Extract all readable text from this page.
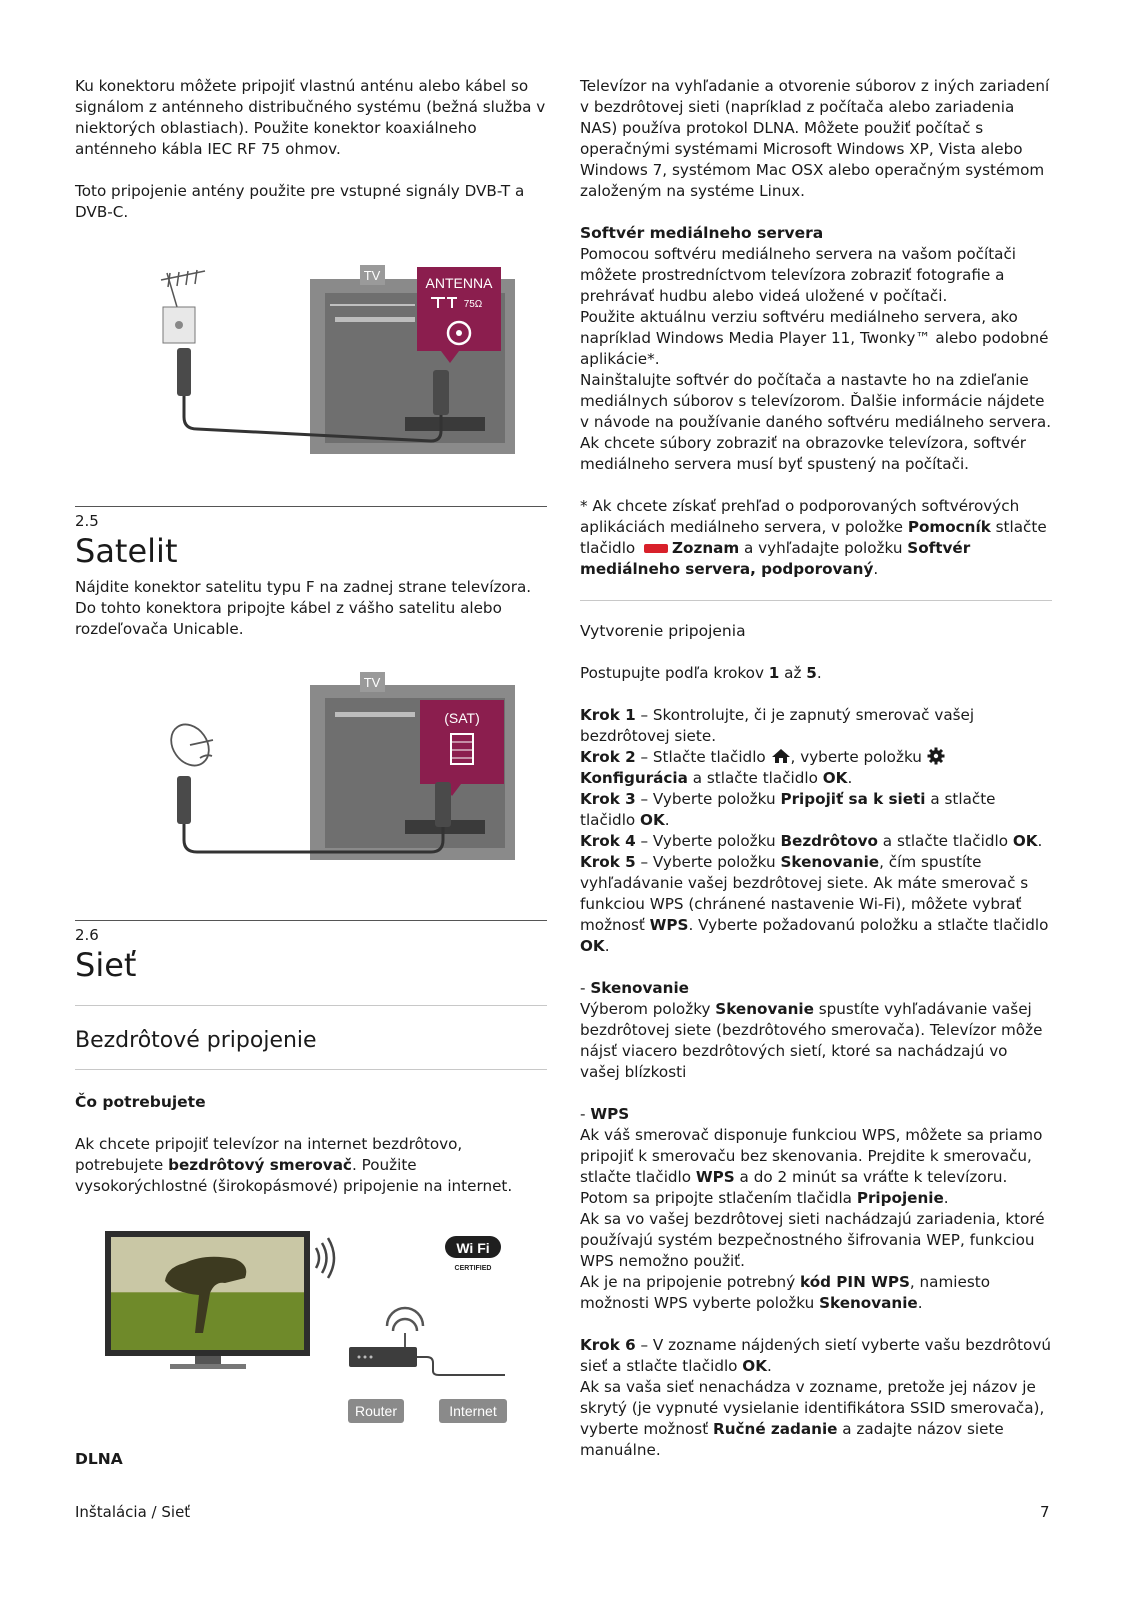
Ku konektoru môžete pripojiť vlastnú anténu alebo kábel so signálom z anténneho distribučného systému (bežná služba v niektorých oblastiach). Použite konektor koaxiálneho anténneho kábla IEC RF 75 ohmov.

Toto pripojenie antény použite pre vstupné signály DVB-T a DVB-C.

TV	ANTENNA
75Ω
2.5
Satelit

Nájdite konektor satelitu typu F na zadnej strane televízora. Do tohto konektora pripojte kábel z vášho satelitu alebo rozdeľovača Unicable.

TV
(SAT)
2.6
Sieť
Bezdrôtové pripojenie

Čo potrebujete

Ak chcete pripojiť televízor na internet bezdrôtovo, potrebujete bezdrôtový smerovač. Použite vysokorýchlostné (širokopásmové) pripojenie na internet.

Wi Fi
CERTIFIED
Router	Internet

DLNA

Televízor na vyhľadanie a otvorenie súborov z iných zariadení v bezdrôtovej sieti (napríklad z počítača alebo zariadenia NAS) používa protokol DLNA. Môžete použiť počítač s operačnými systémami Microsoft Windows XP, Vista alebo Windows 7, systémom Mac OSX alebo operačným systémom založeným na systéme Linux.

Softvér mediálneho servera

Pomocou softvéru mediálneho servera na vašom počítači môžete prostredníctvom televízora zobraziť fotografie a prehrávať hudbu alebo videá uložené v počítači.

Použite aktuálnu verziu softvéru mediálneho servera, ako napríklad Windows Media Player 11, Twonky™ alebo podobné aplikácie*.

Nainštalujte softvér do počítača a nastavte ho na zdieľanie mediálnych súborov s televízorom. Ďalšie informácie nájdete v návode na používanie daného softvéru mediálneho servera.

Ak chcete súbory zobraziť na obrazovke televízora, softvér mediálneho servera musí byť spustený na počítači.

* Ak chcete získať prehľad o podporovaných softvérových aplikáciách mediálneho servera, v položke Pomocník stlačte tlačidlo Zoznam a vyhľadajte položku Softvér mediálneho servera, podporovaný.

Vytvorenie pripojenia

Postupujte podľa krokov 1 až 5.

Krok 1 – Skontrolujte, či je zapnutý smerovač vašej bezdrôtovej siete.

Krok 2 – Stlačte tlačidlo , vyberte položku  Konfigurácia a stlačte tlačidlo OK.

Krok 3 – Vyberte položku Pripojiť sa k sieti a stlačte tlačidlo OK.

Krok 4 – Vyberte položku Bezdrôtovo a stlačte tlačidlo OK.

Krok 5 – Vyberte položku Skenovanie, čím spustíte vyhľadávanie vašej bezdrôtovej siete. Ak máte smerovač s funkciou WPS (chránené nastavenie Wi-Fi), môžete vybrať možnosť WPS. Vyberte požadovanú položku a stlačte tlačidlo OK.

- Skenovanie

Výberom položky Skenovanie spustíte vyhľadávanie vašej bezdrôtovej siete (bezdrôtového smerovača). Televízor môže nájsť viacero bezdrôtových sietí, ktoré sa nachádzajú vo vašej blízkosti

- WPS

Ak váš smerovač disponuje funkciou WPS, môžete sa priamo pripojiť k smerovaču bez skenovania. Prejdite k smerovaču, stlačte tlačidlo WPS a do 2 minút sa vráťte k televízoru. Potom sa pripojte stlačením tlačidla Pripojenie.

Ak sa vo vašej bezdrôtovej sieti nachádzajú zariadenia, ktoré používajú systém bezpečnostného šifrovania WEP, funkciou WPS nemožno použiť.

Ak je na pripojenie potrebný kód PIN WPS, namiesto možnosti WPS vyberte položku Skenovanie.

Krok 6 – V zozname nájdených sietí vyberte vašu bezdrôtovú sieť a stlačte tlačidlo OK.

Ak sa vaša sieť nenachádza v zozname, pretože jej názov je skrytý (je vypnuté vysielanie identifikátora SSID smerovača), vyberte možnosť Ručné zadanie a zadajte názov siete manuálne.

Inštalácia / Sieť	7
